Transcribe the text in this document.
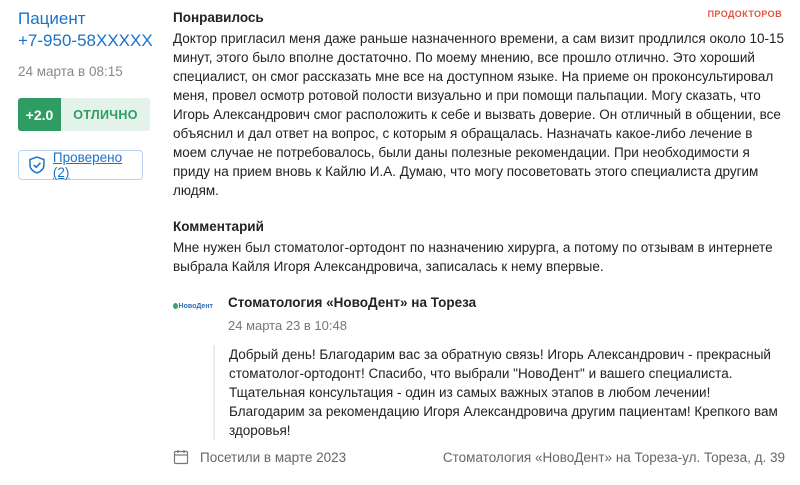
Пациент
+7-950-58XXXXX
24 марта в 08:15
+2.0	ОТЛИЧНО
Проверено (2)
ПРОДОКТОРОВ
Понравилось

Доктор пригласил меня даже раньше назначенного времени, а сам визит продлился около 10-15 минут, этого было вполне достаточно. По моему мнению, все прошло отлично. Это хороший специалист, он смог рассказать мне все на доступном языке. На приеме он проконсультировал меня, провел осмотр ротовой полости визуально и при помощи пальпации. Могу сказать, что Игорь Александрович смог расположить к себе и вызвать доверие. Он отличный в общении, все объяснил и дал ответ на вопрос, с которым я обращалась. Назначать какое-либо лечение в моем случае не потребовалось, были даны полезные рекомендации. При необходимости я приду на прием вновь к Кайлю И.А. Думаю, что могу посоветовать этого специалиста другим людям.

Комментарий

Мне нужен был стоматолог-ортодонт по назначению хирурга, а потому по отзывам в интернете выбрала Кайля Игоря Александровича, записалась к нему впервые.

НовоДент Стоматология «НовоДент» на Тореза
24 марта 23 в 10:48
Добрый день! Благодарим вас за обратную связь! Игорь Александрович - прекрасный стоматолог-ортодонт! Спасибо, что выбрали "НовоДент" и вашего специалиста. Тщательная консультация - один из самых важных этапов в любом лечении! Благодарим за рекомендацию Игоря Александровича другим пациентам! Крепкого вам здоровья!
Посетили в марте 2023	Стоматология «НовоДент» на Тореза-ул. Тореза, д. 39
